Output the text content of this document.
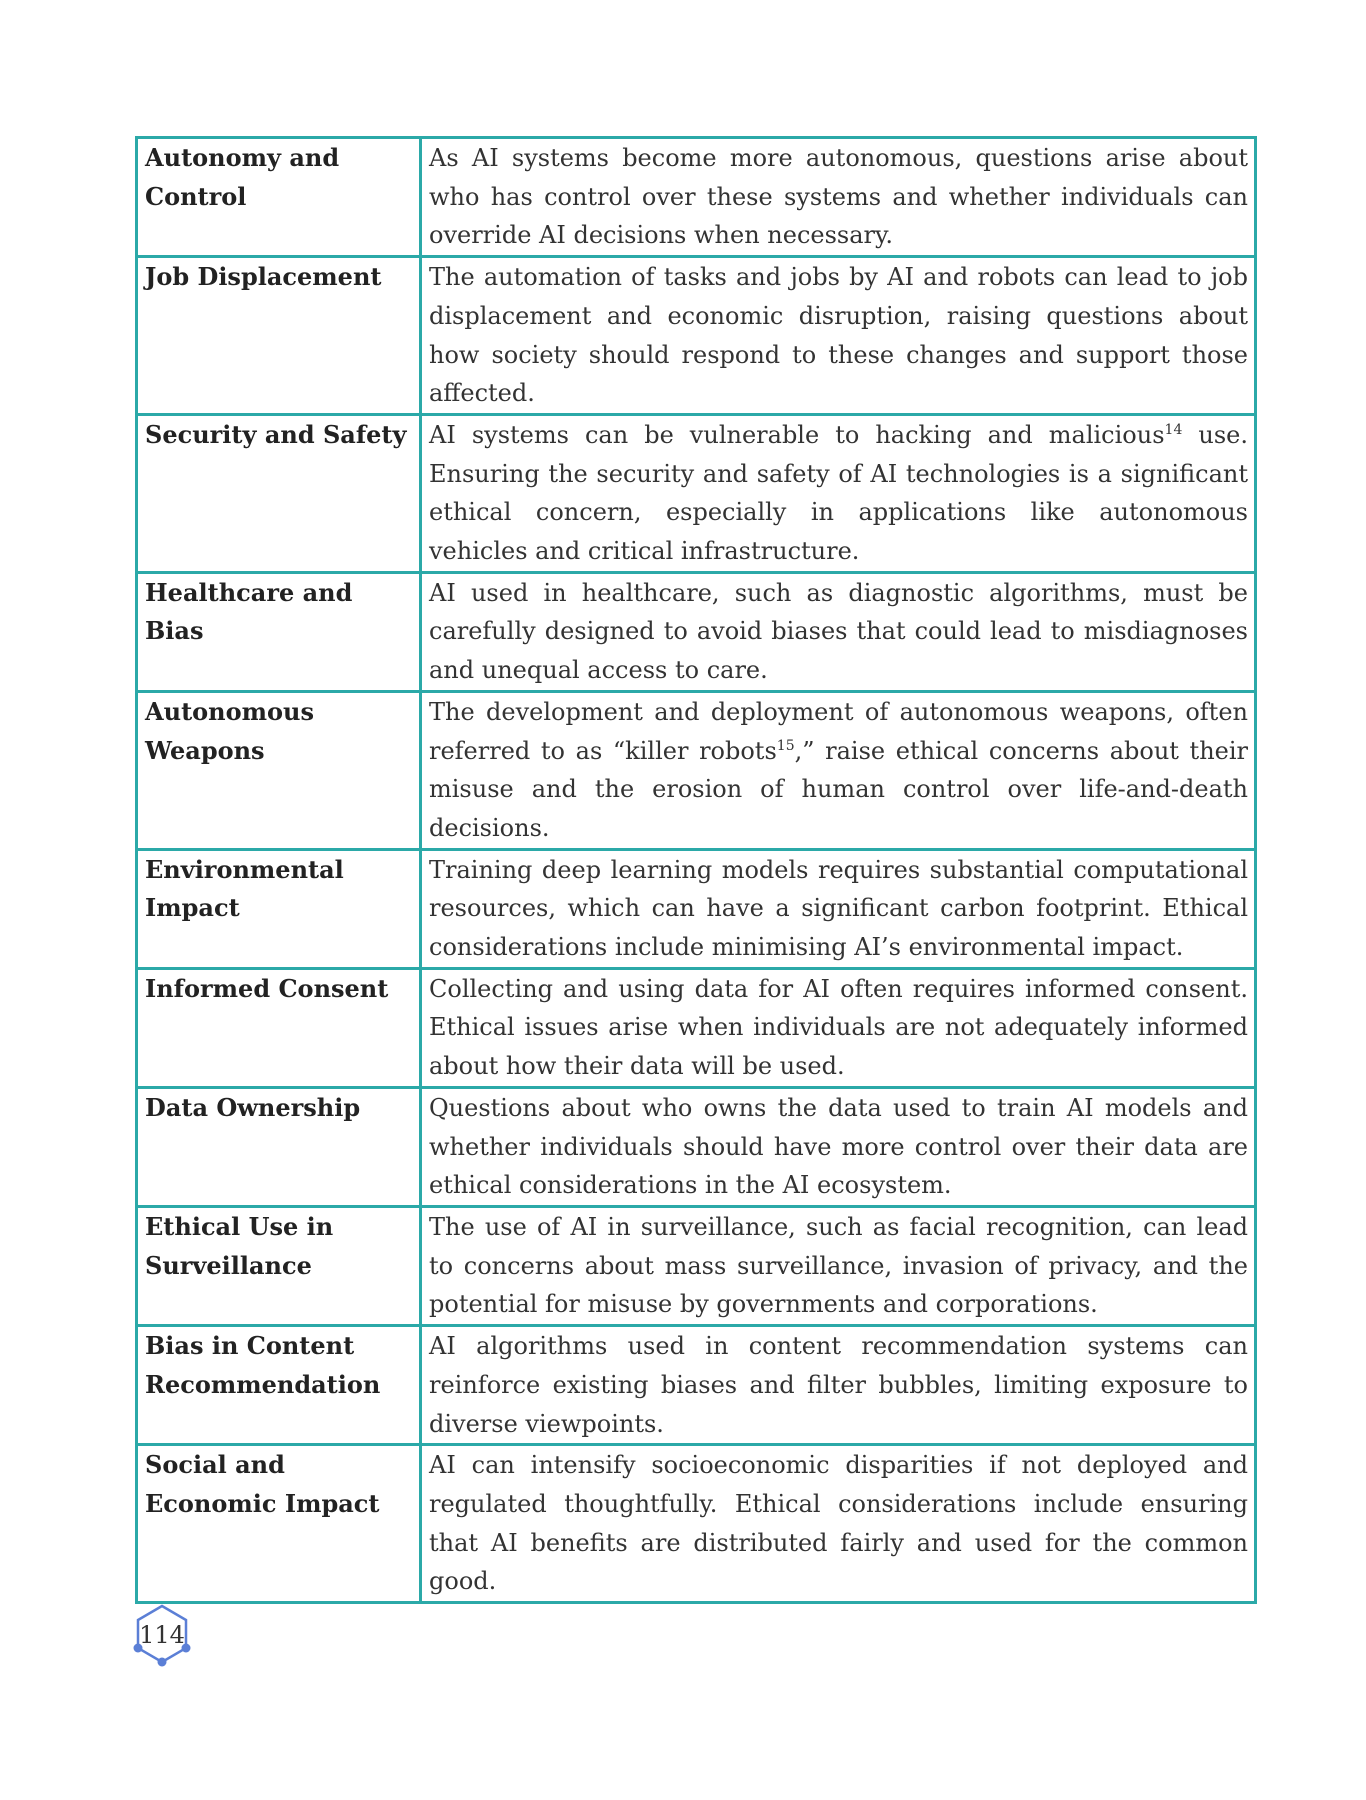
Autonomy and Control	As AI systems become more autonomous, questions arise about who has control over these systems and whether individuals can override AI decisions when necessary.
Job Displacement	The automation of tasks and jobs by AI and robots can lead to job displacement and economic disruption, raising questions about how society should respond to these changes and support those affected.
Security and Safety	AI systems can be vulnerable to hacking and malicious$^{14}$ use. Ensuring the security and safety of AI technologies is a significant ethical concern, especially in applications like autonomous vehicles and critical infrastructure.
Healthcare and Bias	AI used in healthcare, such as diagnostic algorithms, must be carefully designed to avoid biases that could lead to misdiagnoses and unequal access to care.
Autonomous Weapons	The development and deployment of autonomous weapons, often referred to as “killer robots$^{15}$,” raise ethical concerns about their misuse and the erosion of human control over life-and-death decisions.
Environmental Impact	Training deep learning models requires substantial computational resources, which can have a significant carbon footprint. Ethical considerations include minimising AI’s environmental impact.
Informed Consent	Collecting and using data for AI often requires informed consent. Ethical issues arise when individuals are not adequately informed about how their data will be used.
Data Ownership	Questions about who owns the data used to train AI models and whether individuals should have more control over their data are ethical considerations in the AI ecosystem.
Ethical Use in Surveillance	The use of AI in surveillance, such as facial recognition, can lead to concerns about mass surveillance, invasion of privacy, and the potential for misuse by governments and corporations.
Bias in Content Recommendation	AI algorithms used in content recommendation systems can reinforce existing biases and filter bubbles, limiting exposure to diverse viewpoints.
Social and Economic Impact	AI can intensify socioeconomic disparities if not deployed and regulated thoughtfully. Ethical considerations include ensuring that AI benefits are distributed fairly and used for the common good.
114
